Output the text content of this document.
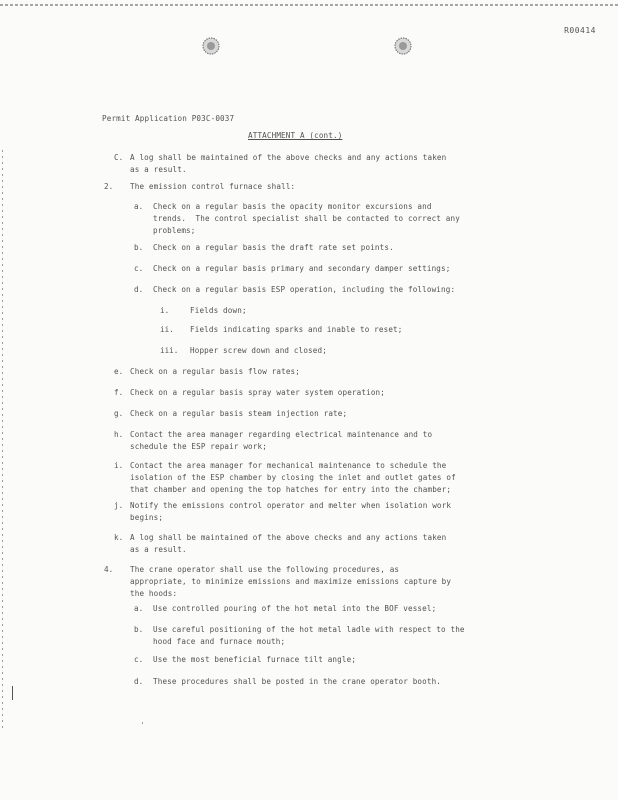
R00414
Permit Application P03C-0037
ATTACHMENT A (cont.)
C. A log shall be maintained of the above checks and any actions taken
as a result.
2. The emission control furnace shall:
a. Check on a regular basis the opacity monitor excursions and
trends.  The control specialist shall be contacted to correct any
problems;
b. Check on a regular basis the draft rate set points.
c. Check on a regular basis primary and secondary damper settings;
d. Check on a regular basis ESP operation, including the following:
i.	Fields down;
ii. Fields indicating sparks and inable to reset;
iii. Hopper screw down and closed;
e. Check on a regular basis flow rates;
f. Check on a regular basis spray water system operation;
g. Check on a regular basis steam injection rate;
h. Contact the area manager regarding electrical maintenance and to
schedule the ESP repair work;
i. Contact the area manager for mechanical maintenance to schedule the
isolation of the ESP chamber by closing the inlet and outlet gates of
that chamber and opening the top hatches for entry into the chamber;
j. Notify the emissions control operator and melter when isolation work
begins;
k. A log shall be maintained of the above checks and any actions taken
as a result.
4. The crane operator shall use the following procedures, as
appropriate, to minimize emissions and maximize emissions capture by
the hoods:
a. Use controlled pouring of the hot metal into the BOF vessel;
b. Use careful positioning of the hot metal ladle with respect to the
hood face and furnace mouth;
c. Use the most beneficial furnace tilt angle;
d. These procedures shall be posted in the crane operator booth.
'
